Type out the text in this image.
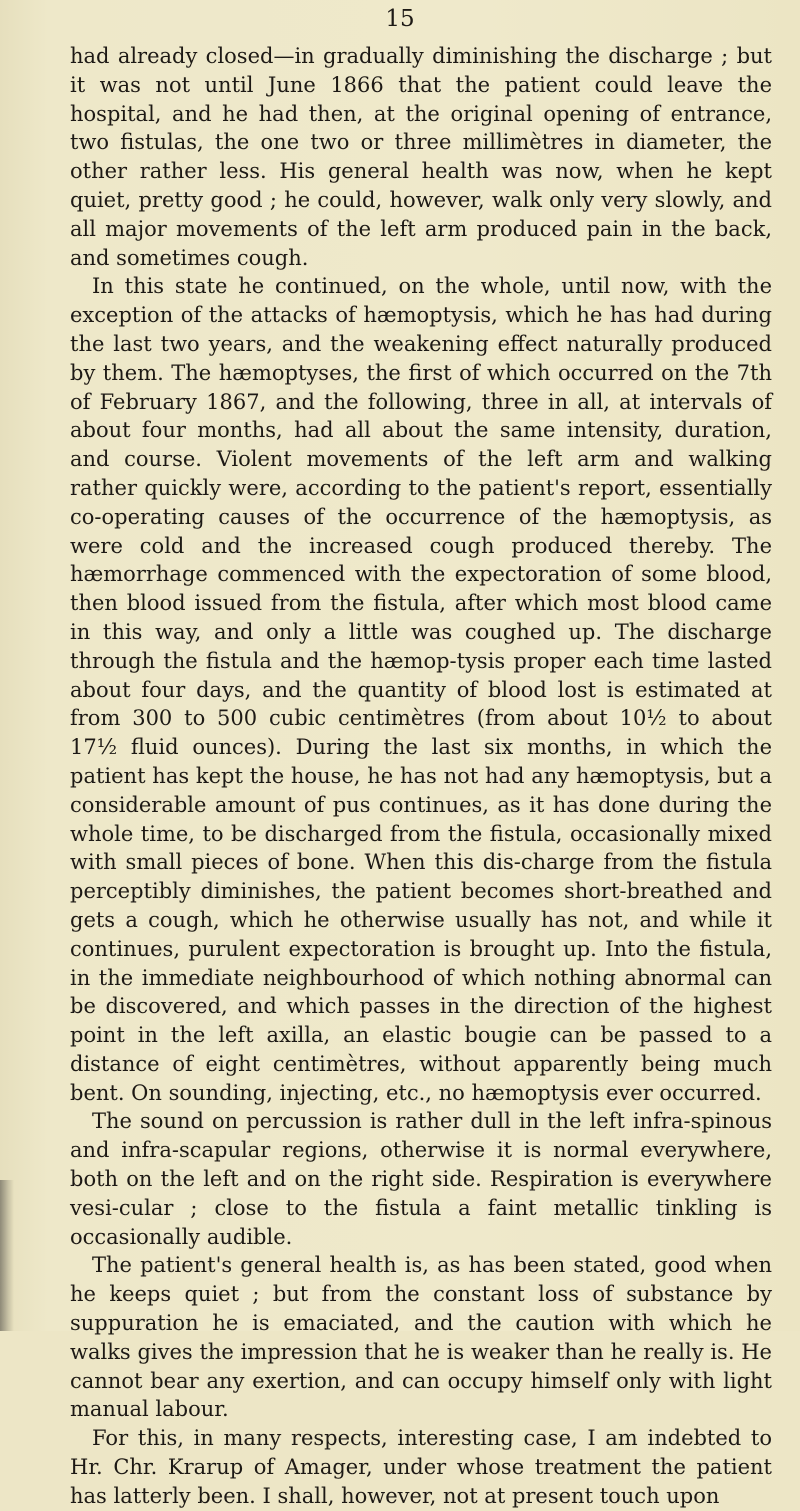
15

had already closed—in gradually diminishing the discharge ; but it was not until June 1866 that the patient could leave the hospital, and he had then, at the original opening of entrance, two fistulas, the one two or three millimètres in diameter, the other rather less. His general health was now, when he kept quiet, pretty good ; he could, however, walk only very slowly, and all major movements of the left arm produced pain in the back, and sometimes cough.

In this state he continued, on the whole, until now, with the exception of the attacks of hæmoptysis, which he has had during the last two years, and the weakening effect naturally produced by them. The hæmoptyses, the first of which occurred on the 7th of February 1867, and the following, three in all, at intervals of about four months, had all about the same intensity, duration, and course. Violent movements of the left arm and walking rather quickly were, according to the patient's report, essentially co-operating causes of the occurrence of the hæmoptysis, as were cold and the increased cough produced thereby. The hæmorrhage commenced with the expectoration of some blood, then blood issued from the fistula, after which most blood came in this way, and only a little was coughed up. The discharge through the fistula and the hæmop-tysis proper each time lasted about four days, and the quantity of blood lost is estimated at from 300 to 500 cubic centimètres (from about 10½ to about 17½ fluid ounces). During the last six months, in which the patient has kept the house, he has not had any hæmoptysis, but a considerable amount of pus continues, as it has done during the whole time, to be discharged from the fistula, occasionally mixed with small pieces of bone. When this dis-charge from the fistula perceptibly diminishes, the patient becomes short-breathed and gets a cough, which he otherwise usually has not, and while it continues, purulent expectoration is brought up. Into the fistula, in the immediate neighbourhood of which nothing abnormal can be discovered, and which passes in the direction of the highest point in the left axilla, an elastic bougie can be passed to a distance of eight centimètres, without apparently being much bent. On sounding, injecting, etc., no hæmoptysis ever occurred.

The sound on percussion is rather dull in the left infra-spinous and infra-scapular regions, otherwise it is normal everywhere, both on the left and on the right side. Respiration is everywhere vesi-cular ; close to the fistula a faint metallic tinkling is occasionally audible.

The patient's general health is, as has been stated, good when he keeps quiet ; but from the constant loss of substance by suppuration he is emaciated, and the caution with which he walks gives the impression that he is weaker than he really is. He cannot bear any exertion, and can occupy himself only with light manual labour.

For this, in many respects, interesting case, I am indebted to Hr. Chr. Krarup of Amager, under whose treatment the patient has latterly been. I shall, however, not at present touch upon
